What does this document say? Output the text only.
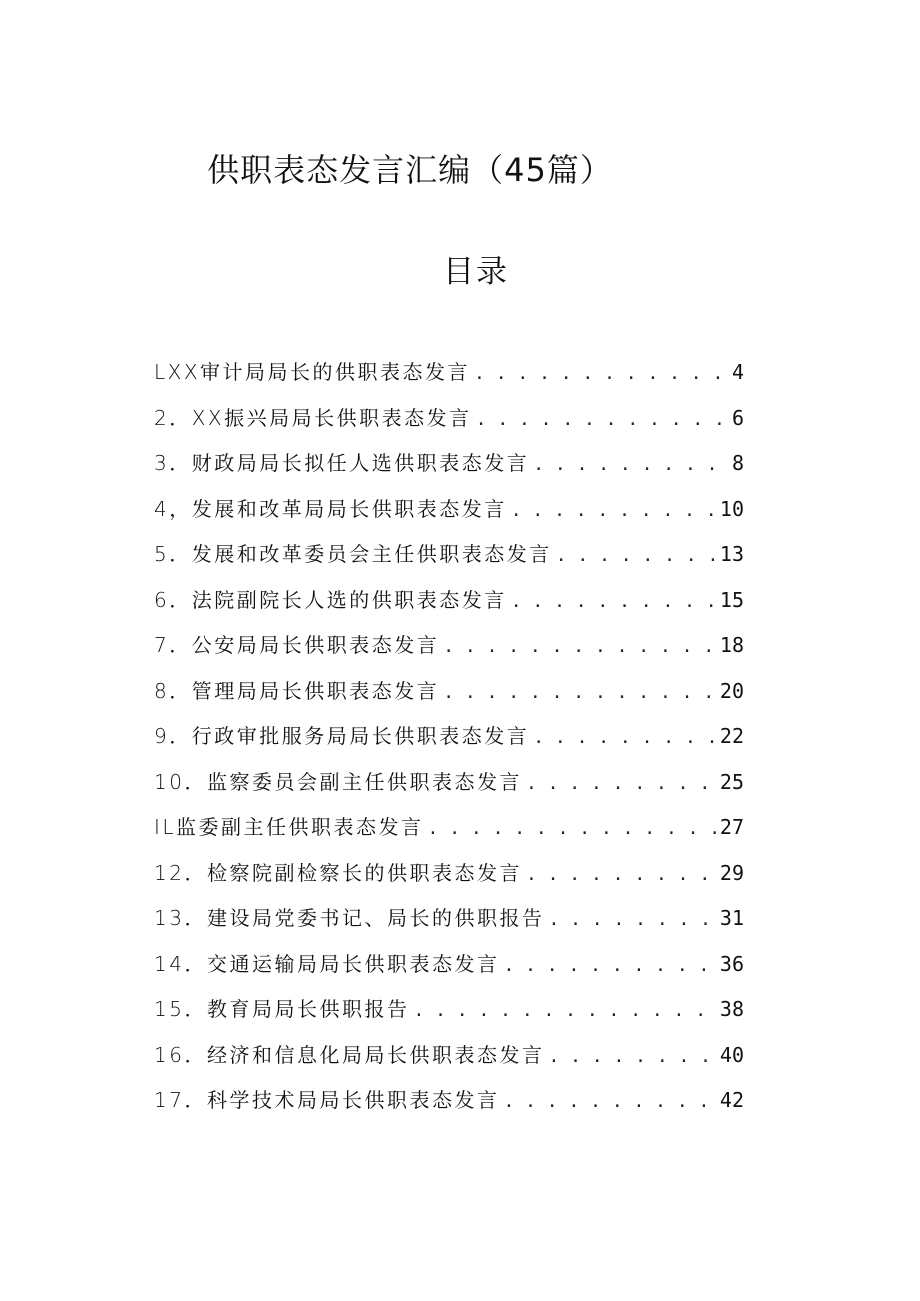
供职表态发言汇编（45篇）
目录
LXX审计局局长的供职表态发言 . . .	4
2．XX振兴局局长供职表态发言 . . .	6
3．财政局局长拟任人选供职表态发言 . . .	8
4，发展和改革局局长供职表态发言 . . .	10
5．发展和改革委员会主任供职表态发言 . . .	13
6．法院副院长人选的供职表态发言 . . .	15
7．公安局局长供职表态发言 . . .	18
8．管理局局长供职表态发言 . . .	20
9．行政审批服务局局长供职表态发言 . . .	22
10．监察委员会副主任供职表态发言 . . .	25
IL监委副主任供职表态发言 . . .	27
12．检察院副检察长的供职表态发言 . . .	29
13．建设局党委书记、局长的供职报告 . . .	31
14．交通运输局局长供职表态发言 . . .	36
15．教育局局长供职报告 . . .	38
16．经济和信息化局局长供职表态发言 . . .	40
17．科学技术局局长供职表态发言 . . .	42
